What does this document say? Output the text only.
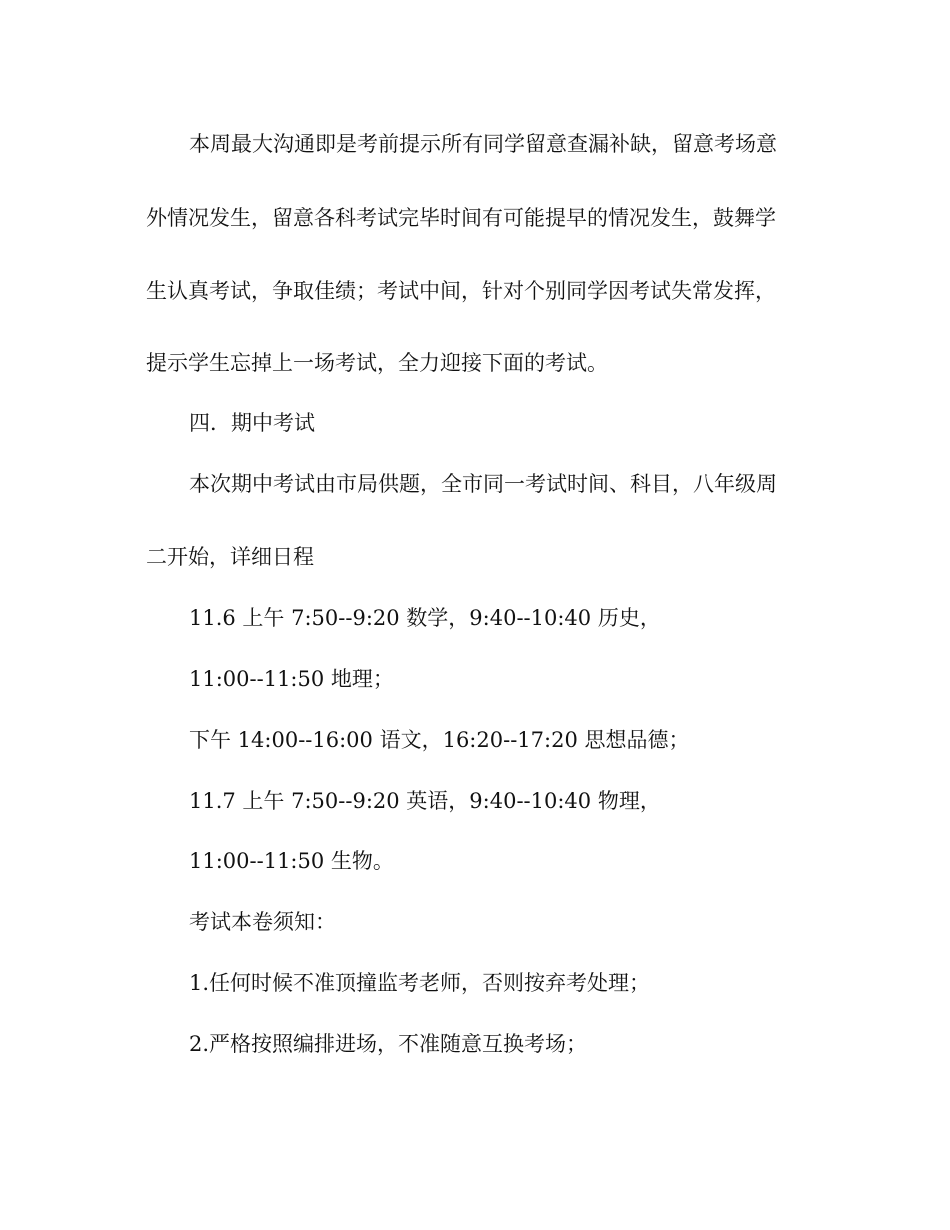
本周最大沟通即是考前提示所有同学留意查漏补缺，留意考场意

外情况发生，留意各科考试完毕时间有可能提早的情况发生，鼓舞学

生认真考试，争取佳绩；考试中间，针对个别同学因考试失常发挥，

提示学生忘掉上一场考试，全力迎接下面的考试。

四．期中考试

本次期中考试由市局供题，全市同一考试时间、科目，八年级周

二开始，详细日程

11.6 上午 7:50--9:20 数学，9:40--10:40 历史，

11:00--11:50 地理；

下午 14:00--16:00 语文，16:20--17:20 思想品德；

11.7 上午 7:50--9:20 英语，9:40--10:40 物理，

11:00--11:50 生物。

考试本卷须知：

1.任何时候不准顶撞监考老师，否则按弃考处理；

2.严格按照编排进场，不准随意互换考场；
